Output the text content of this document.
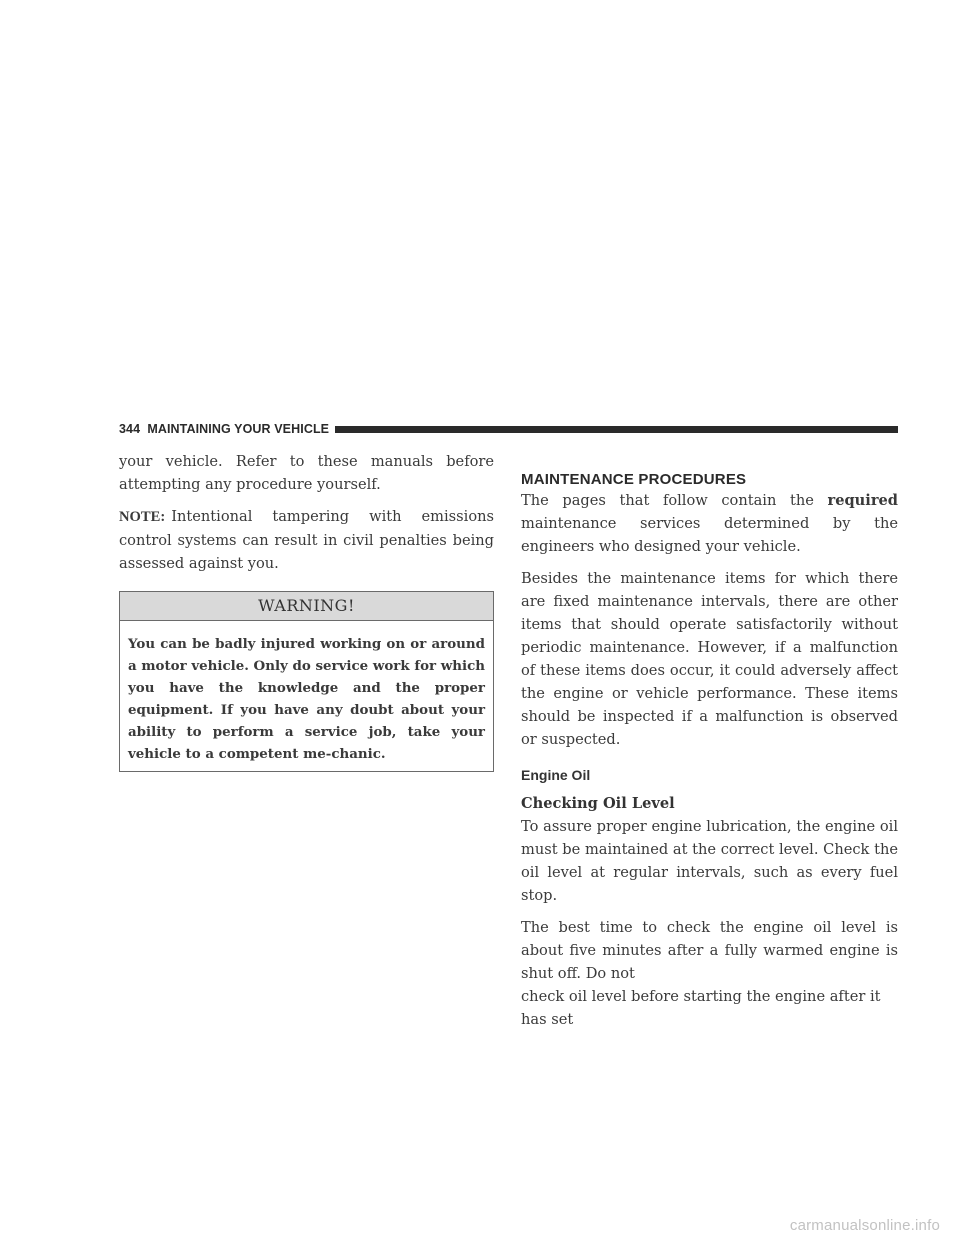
344 MAINTAINING YOUR VEHICLE

your vehicle. Refer to these manuals before attempting any procedure yourself.

NOTE: Intentional tampering with emissions control systems can result in civil penalties being assessed against you.

WARNING!
You can be badly injured working on or around a motor vehicle. Only do service work for which you have the knowledge and the proper equipment. If you have any doubt about your ability to perform a service job, take your vehicle to a competent me-chanic.
MAINTENANCE PROCEDURES

The pages that follow contain the required maintenance services determined by the engineers who designed your vehicle.

Besides the maintenance items for which there are fixed maintenance intervals, there are other items that should operate satisfactorily without periodic maintenance. However, if a malfunction of these items does occur, it could adversely affect the engine or vehicle performance. These items should be inspected if a malfunction is observed or suspected.

Engine Oil
Checking Oil Level

To assure proper engine lubrication, the engine oil must be maintained at the correct level. Check the oil level at regular intervals, such as every fuel stop.

The best time to check the engine oil level is about five minutes after a fully warmed engine is shut off. Do not

check oil level before starting the engine after it has set
carmanualsonline.info
